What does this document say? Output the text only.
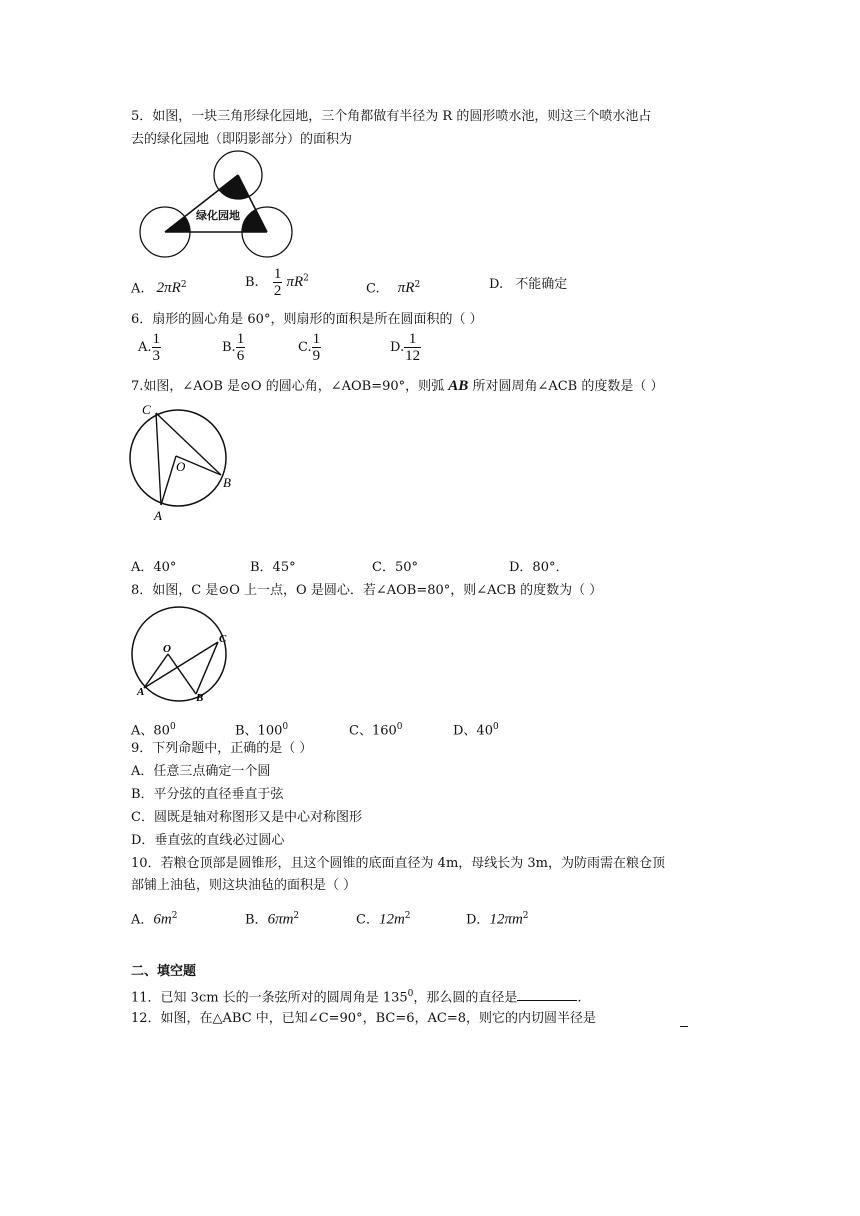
5．如图，一块三角形绿化园地，三个角都做有半径为 R 的圆形喷水池，则这三个喷水池占
去的绿化园地（即阴影部分）的面积为
绿化园地
A. $2\pi R^2$	B. $\frac{1}{2} \pi R^2$
C. $\pi R^2$	D. 不能确定
6．扇形的圆心角是 60°，则扇形的面积是所在圆面积的（ ）
A. $\frac{1}{3}$	B. $\frac{1}{6}$	C. $\frac{1}{9}$	D. $\frac{1}{12}$
7.如图，∠AOB 是⊙O 的圆心角，∠AOB=90°，则弧 AB 所对圆周角∠ACB 的度数是（ ）
C
O
B
A
A．40°	B．45°	C．50°	D．80°．
8．如图，C 是⊙O 上一点，O 是圆心．若∠AOB=80°，则∠ACB 的度数为（ ）
O
C
A	B
A、$80^0$	B、$100^0$	C、$160^0$	D、$40^0$
9．下列命题中，正确的是（ ）
A．任意三点确定一个圆
B．平分弦的直径垂直于弦
C．圆既是轴对称图形又是中心对称图形
D．垂直弦的直线必过圆心
10．若粮仓顶部是圆锥形，且这个圆锥的底面直径为 4m，母线长为 3m，为防雨需在粮仓顶
部铺上油毡，则这块油毡的面积是（ ）
A．$6m^2$	B．$6\pi m^2$	C．$12m^2$	D．$12\pi m^2$
二、填空题
11．已知 3cm 长的一条弦所对的圆周角是 $135^0$，那么圆的直径是	.
12．如图，在△ABC 中，已知∠C=90°，BC=6，AC=8，则它的内切圆半径是
